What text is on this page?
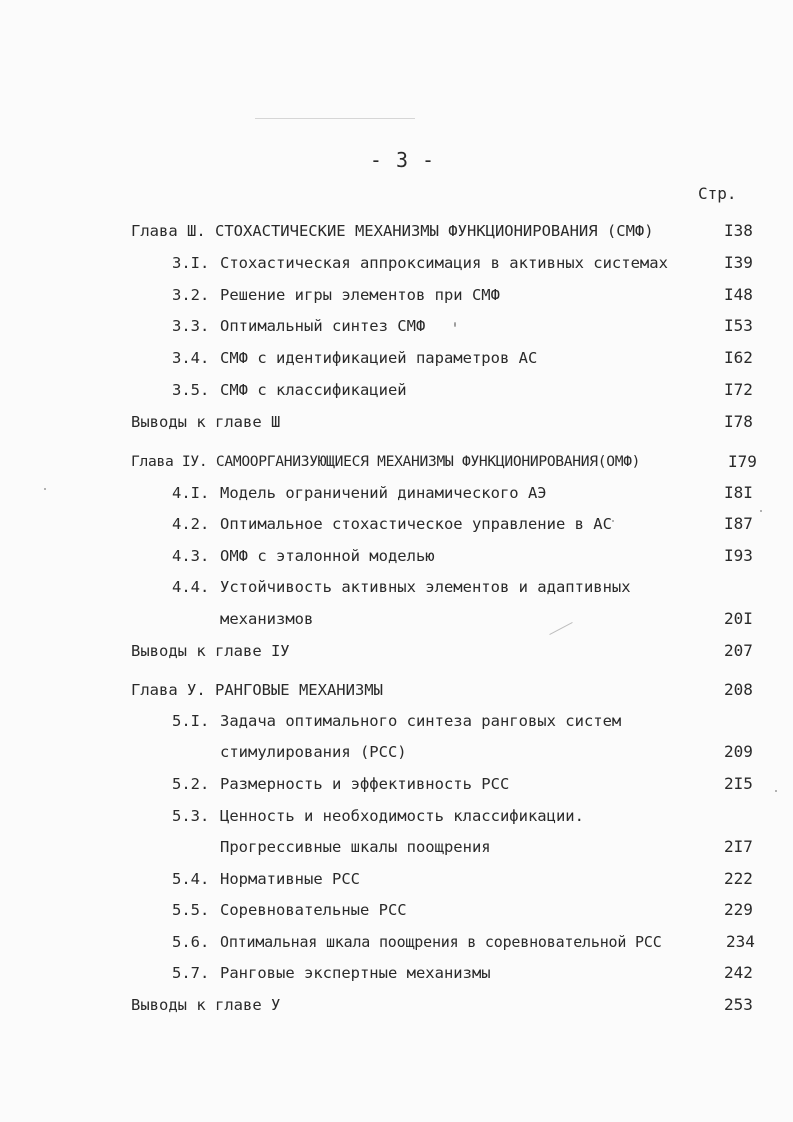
- 3 -
Стр.
Глава Ш. СТОХАСТИЧЕСКИЕ МЕХАНИЗМЫ ФУНКЦИОНИРОВАНИЯ (СМФ)	I38
3.I. Стохастическая аппроксимация в активных системах	I39
3.2. Решение игры элементов при СМФ	I48
3.3. Оптимальный синтез СМФ	I53
3.4. СМФ с идентификацией параметров АС	I62
3.5. СМФ с классификацией	I72
Выводы к главе Ш	I78
Глава IУ. САМООРГАНИЗУЮЩИЕСЯ МЕХАНИЗМЫ ФУНКЦИОНИРОВАНИЯ(ОМФ)	I79
4.I. Модель ограничений динамического АЭ	I8I
4.2. Оптимальное стохастическое управление в АС	I87
4.3. ОМФ с эталонной моделью	I93
4.4. Устойчивость активных элементов и адаптивных
механизмов	20I
Выводы к главе IУ	207
Глава У. РАНГОВЫЕ МЕХАНИЗМЫ	208
5.I. Задача оптимального синтеза ранговых систем
стимулирования (РСС)	209
5.2. Размерность и эффективность РСС	2I5
5.3. Ценность и необходимость классификации.
Прогрессивные шкалы поощрения	2I7
5.4. Нормативные РСС	222
5.5. Соревновательные РСС	229
5.6. Оптимальная шкала поощрения в соревновательной РСС	234
5.7. Ранговые экспертные механизмы	242
Выводы к главе У	253
